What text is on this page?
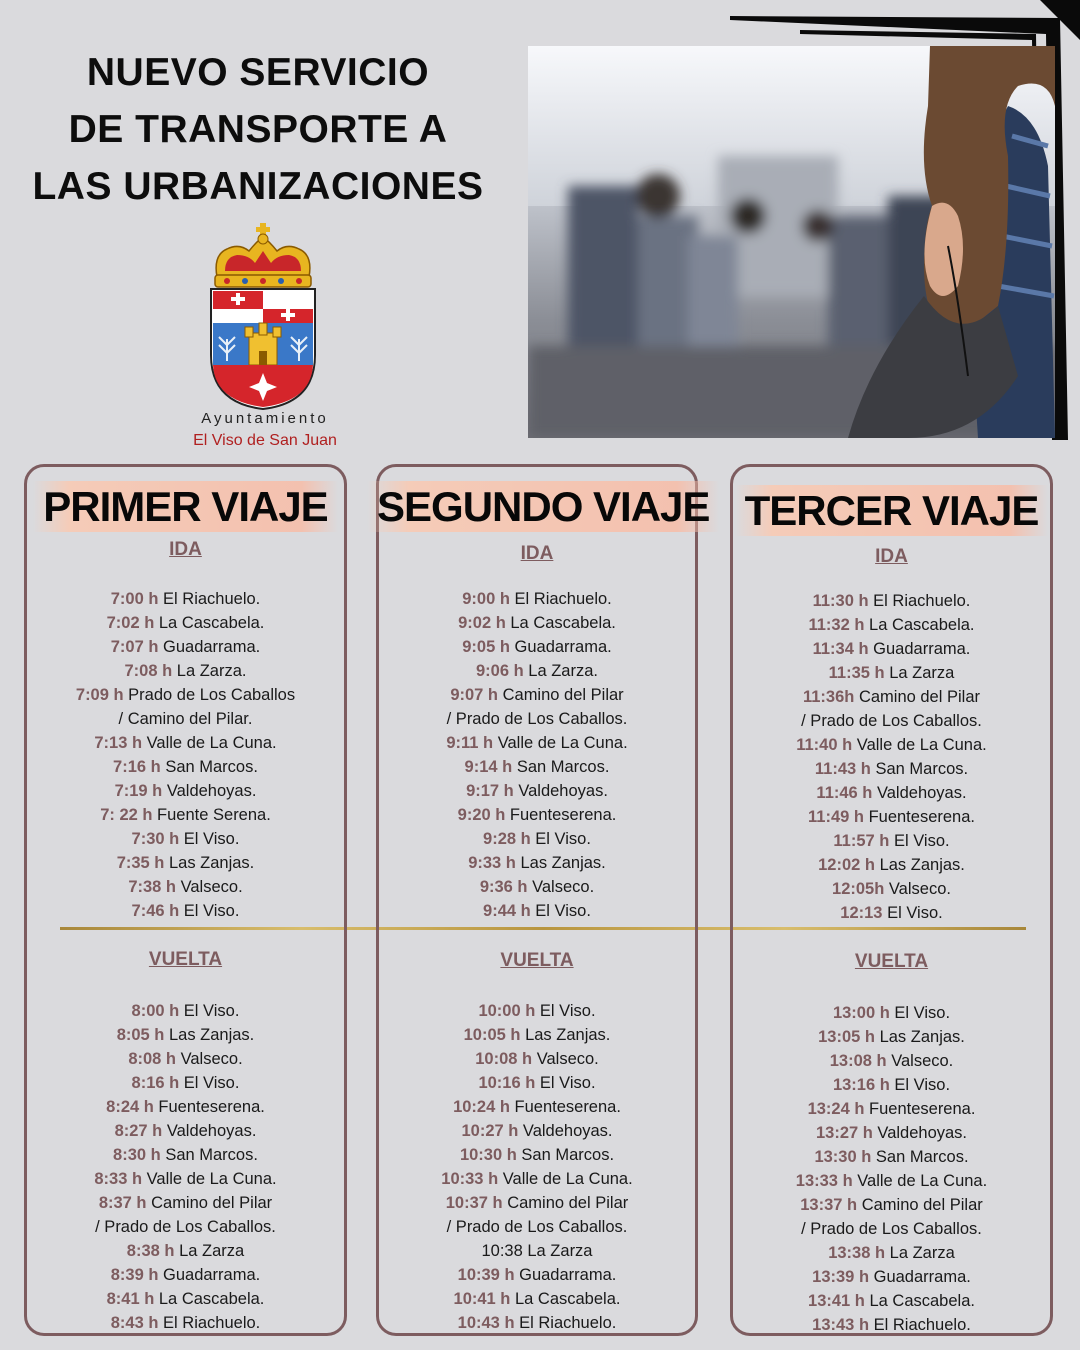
NUEVO SERVICIO
DE TRANSPORTE A
LAS URBANIZACIONES
Ayuntamiento
El Viso de San Juan
PRIMER VIAJE
IDA
7:00 h El Riachuelo.
7:02 h La Cascabela.
7:07 h Guadarrama.
7:08 h La Zarza.
7:09 h Prado de Los Caballos
/ Camino del Pilar.
7:13 h Valle de La Cuna.
7:16 h San Marcos.
7:19 h Valdehoyas.
7: 22 h Fuente Serena.
7:30 h El Viso.
7:35 h Las Zanjas.
7:38 h Valseco.
7:46 h El Viso.
VUELTA
8:00 h El Viso.
8:05 h Las Zanjas.
8:08 h Valseco.
8:16 h El Viso.
8:24 h Fuenteserena.
8:27 h Valdehoyas.
8:30 h San Marcos.
8:33 h Valle de La Cuna.
8:37 h Camino del Pilar
/ Prado de Los Caballos.
8:38 h La Zarza
8:39 h Guadarrama.
8:41 h La Cascabela.
8:43 h El Riachuelo.
SEGUNDO VIAJE
IDA
9:00 h El Riachuelo.
9:02 h La Cascabela.
9:05 h Guadarrama.
9:06 h La Zarza.
9:07 h Camino del Pilar
/ Prado de Los Caballos.
9:11 h Valle de La Cuna.
9:14 h San Marcos.
9:17 h Valdehoyas.
9:20 h Fuenteserena.
9:28 h El Viso.
9:33 h Las Zanjas.
9:36 h Valseco.
9:44 h El Viso.
VUELTA
10:00 h El Viso.
10:05 h Las Zanjas.
10:08 h Valseco.
10:16 h El Viso.
10:24 h Fuenteserena.
10:27 h Valdehoyas.
10:30 h San Marcos.
10:33 h Valle de La Cuna.
10:37 h Camino del Pilar
/ Prado de Los Caballos.
10:38 La Zarza
10:39 h Guadarrama.
10:41 h La Cascabela.
10:43 h El Riachuelo.
TERCER VIAJE
IDA
11:30 h El Riachuelo.
11:32 h La Cascabela.
11:34 h Guadarrama.
11:35 h La Zarza
11:36h Camino del Pilar
/ Prado de Los Caballos.
11:40 h Valle de La Cuna.
11:43 h San Marcos.
11:46 h Valdehoyas.
11:49 h Fuenteserena.
11:57 h El Viso.
12:02 h Las Zanjas.
12:05h Valseco.
12:13 El Viso.
VUELTA
13:00 h El Viso.
13:05 h Las Zanjas.
13:08 h Valseco.
13:16 h El Viso.
13:24 h Fuenteserena.
13:27 h Valdehoyas.
13:30 h San Marcos.
13:33 h Valle de La Cuna.
13:37 h Camino del Pilar
/ Prado de Los Caballos.
13:38 h La Zarza
13:39 h Guadarrama.
13:41 h La Cascabela.
13:43 h El Riachuelo.
